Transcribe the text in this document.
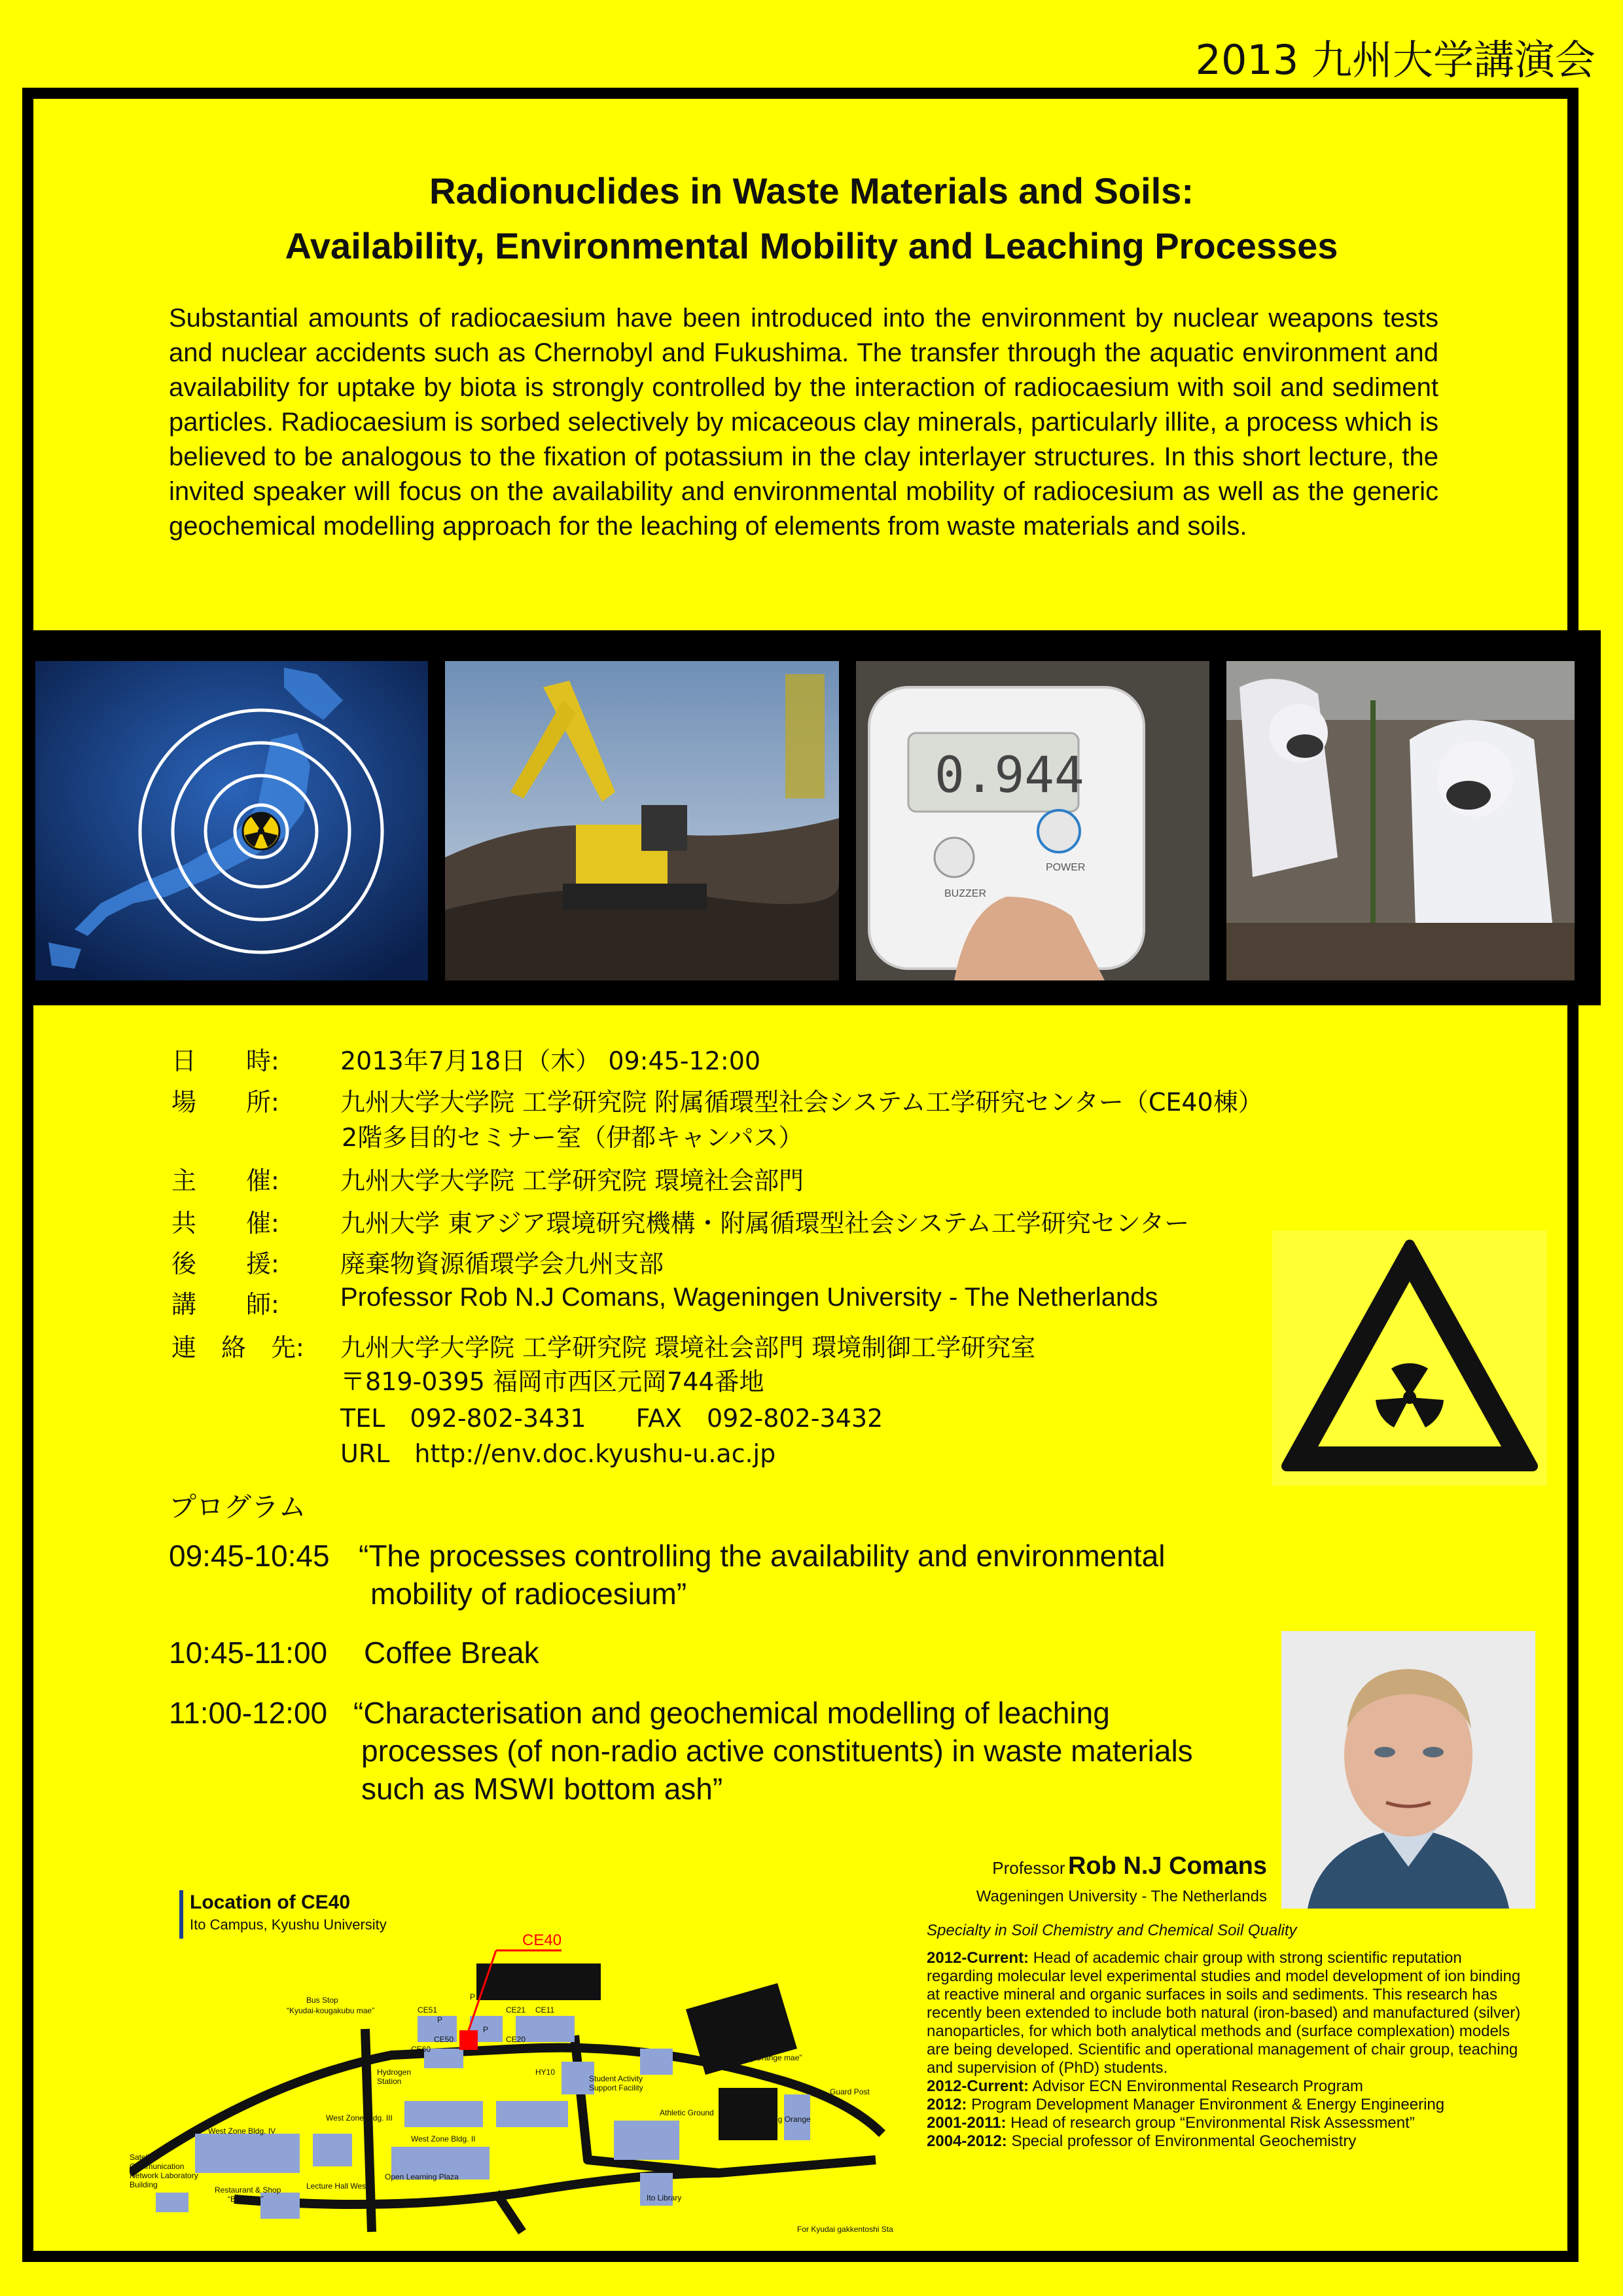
2013 九州大学講演会
Radionuclides in Waste Materials and Soils:
Availability, Environmental Mobility and Leaching Processes
Substantial amounts of radiocaesium have been introduced into the environment by nuclear weapons tests and nuclear accidents such as Chernobyl and Fukushima. The transfer through the aquatic environment and availability for uptake by biota is strongly controlled by the interaction of radiocaesium with soil and sediment particles. Radiocaesium is sorbed selectively by micaceous clay minerals, particularly illite, a process which is believed to be analogous to the fixation of potassium in the clay interlayer structures. In this short lecture, the invited speaker will focus on the availability and environmental mobility of radiocesium as well as the generic geochemical modelling approach for the leaching of elements from waste materials and soils.
0.944
BUZZER
POWER
日　　時: 2013年7月18日（木） 09:45-12:00
場　　所: 九州大学大学院 工学研究院 附属循環型社会システム工学研究センター（CE40棟）
2階多目的セミナー室（伊都キャンパス）
主　　催: 九州大学大学院 工学研究院 環境社会部門
共　　催: 九州大学 東アジア環境研究機構・附属循環型社会システム工学研究センター
後　　援: 廃棄物資源循環学会九州支部
講　　師: Professor Rob N.J Comans, Wageningen University - The Netherlands
連　絡　先: 九州大学大学院 工学研究院 環境社会部門 環境制御工学研究室
〒819-0395 福岡市西区元岡744番地
TEL　092-802-3431　　FAX　092-802-3432
URL　http://env.doc.kyushu-u.ac.jp
プログラム
09:45-10:45 “The processes controlling the availability and environmental
mobility of radiocesium”
10:45-11:00 Coffee Break
11:00-12:00 “Characterisation and geochemical modelling of leaching
processes (of non-radio active constituents) in waste materials
such as MSWI bottom ash”
Location of CE40
Ito Campus, Kyushu University
CE40
CE51	CE21 CE11
CE50	CE20
CE60
HY10
P
P
P	P
Bus Stop
“Kyudai-kougakubu mae”
Hydrogen
Station
West Zone Bldg. III
West Zone Bldg. IV
West Zone Bldg. II
Satellite
Communication
Network Laboratory
Building
Restaurant & Shop
“Big Dora”
Lecture Hall West
Open Learning Plaza
Student Activity
Support Facility
Athletic Ground
Ito Library
Bus Stop “Big Orange mae”
Big Orange
Guard Post
For Kyudai gakkentoshi Sta
Professor Rob N.J Comans
Wageningen University - The Netherlands
Specialty in Soil Chemistry and Chemical Soil Quality
2012-Current: Head of academic chair group with strong scientific reputation regarding molecular level experimental studies and model development of ion binding at reactive mineral and organic surfaces in soils and sediments. This research has recently been extended to include both natural (iron-based) and manufactured (silver) nanoparticles, for which both analytical methods and (surface complexation) models are being developed. Scientific and operational management of chair group, teaching and supervision of (PhD) students.
2012-Current: Advisor ECN Environmental Research Program
2012: Program Development Manager Environment & Energy Engineering
2001-2011: Head of research group “Environmental Risk Assessment”
2004-2012: Special professor of Environmental Geochemistry
